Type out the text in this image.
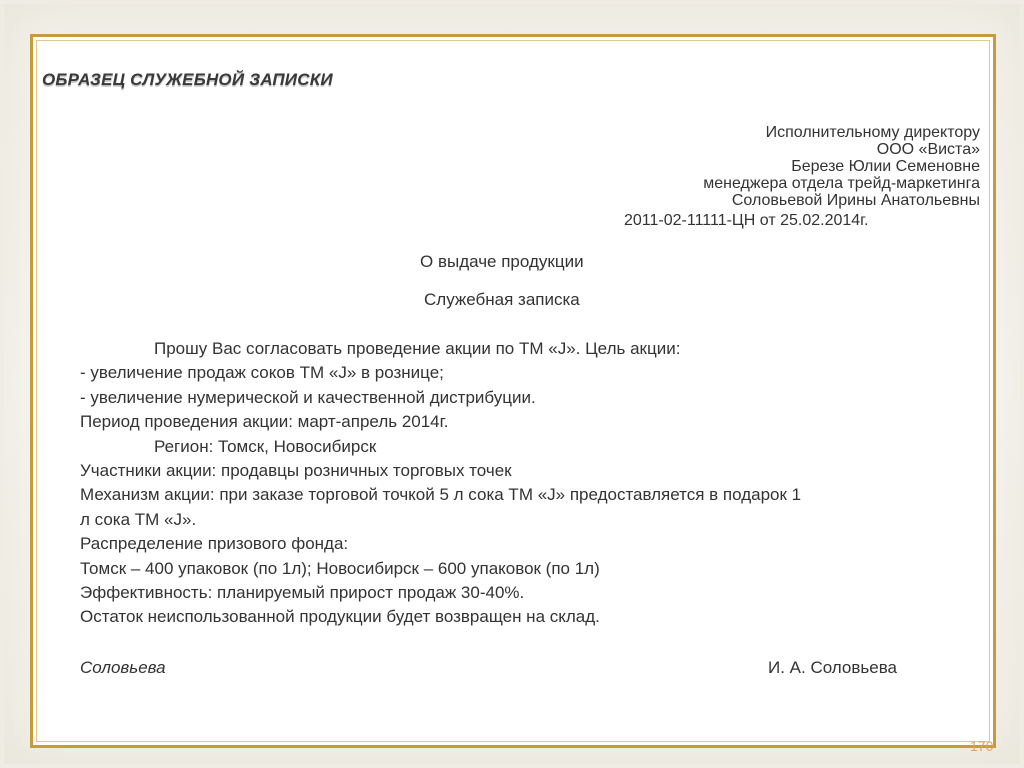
ОБРАЗЕЦ СЛУЖЕБНОЙ ЗАПИСКИ
Исполнительному директору
ООО «Виста»
Березе Юлии Семеновне
менеджера отдела трейд-маркетинга
Соловьевой Ирины Анатольевны
2011-02-11111-ЦН от 25.02.2014г.
О выдаче продукции
Служебная записка
Прошу Вас согласовать проведение акции по ТМ «J». Цель акции:
- увеличение продаж соков ТМ «J» в рознице;
- увеличение нумерической и качественной дистрибуции.
Период проведения акции: март-апрель 2014г.
Регион: Томск, Новосибирск
Участники акции: продавцы розничных торговых точек
Механизм акции: при заказе торговой точкой 5 л сока ТМ «J» предоставляется в подарок 1
л сока ТМ «J».
Распределение призового фонда:
Томск – 400 упаковок (по 1л); Новосибирск – 600 упаковок (по 1л)
Эффективность: планируемый прирост продаж 30-40%.
Остаток неиспользованной продукции будет возвращен на склад.
Соловьева	И. А. Соловьева
170
